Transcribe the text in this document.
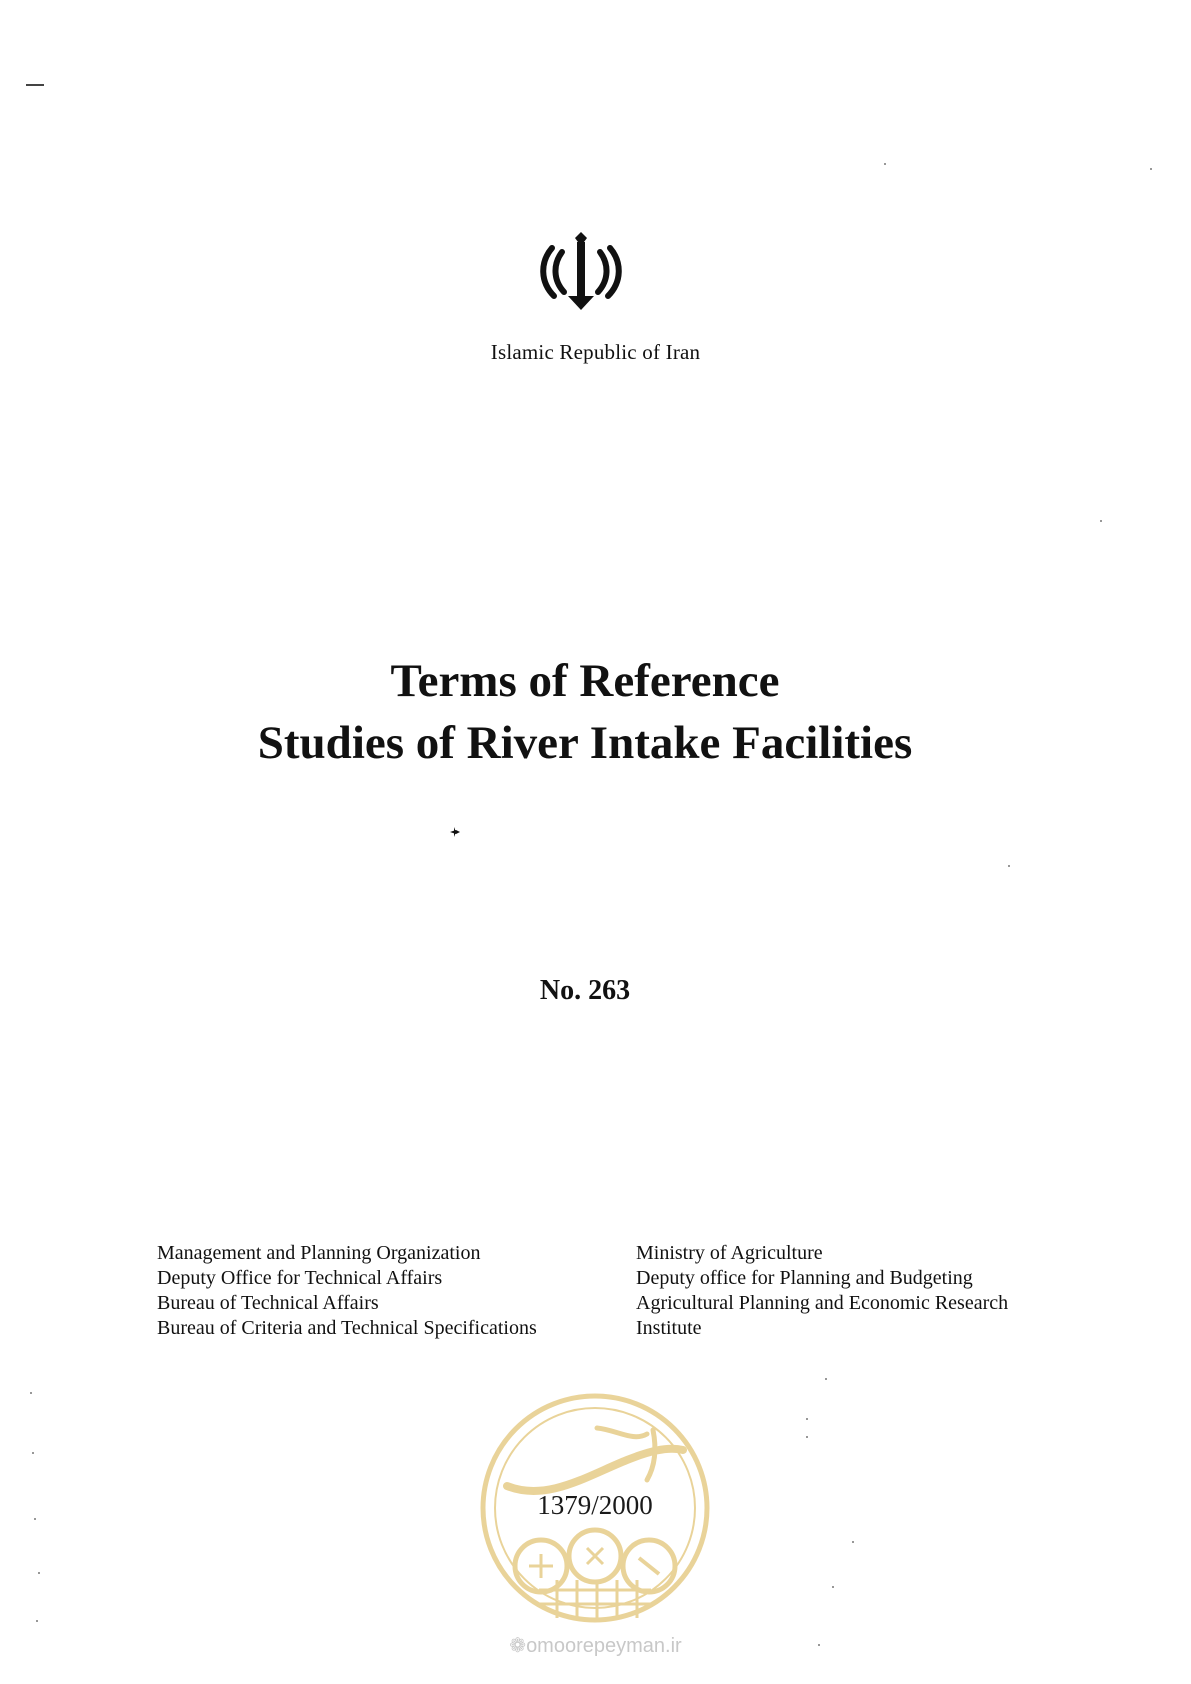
Islamic Republic of Iran
Terms of Reference
Studies of River Intake Facilities
No. 263
Management and Planning Organization
Deputy Office for Technical Affairs
Bureau of Technical Affairs
Bureau of Criteria and Technical Specifications
Ministry of Agriculture
Deputy office for Planning and Budgeting
Agricultural Planning and Economic Research
Institute
1379/2000
❁omoorepeyman.ir
